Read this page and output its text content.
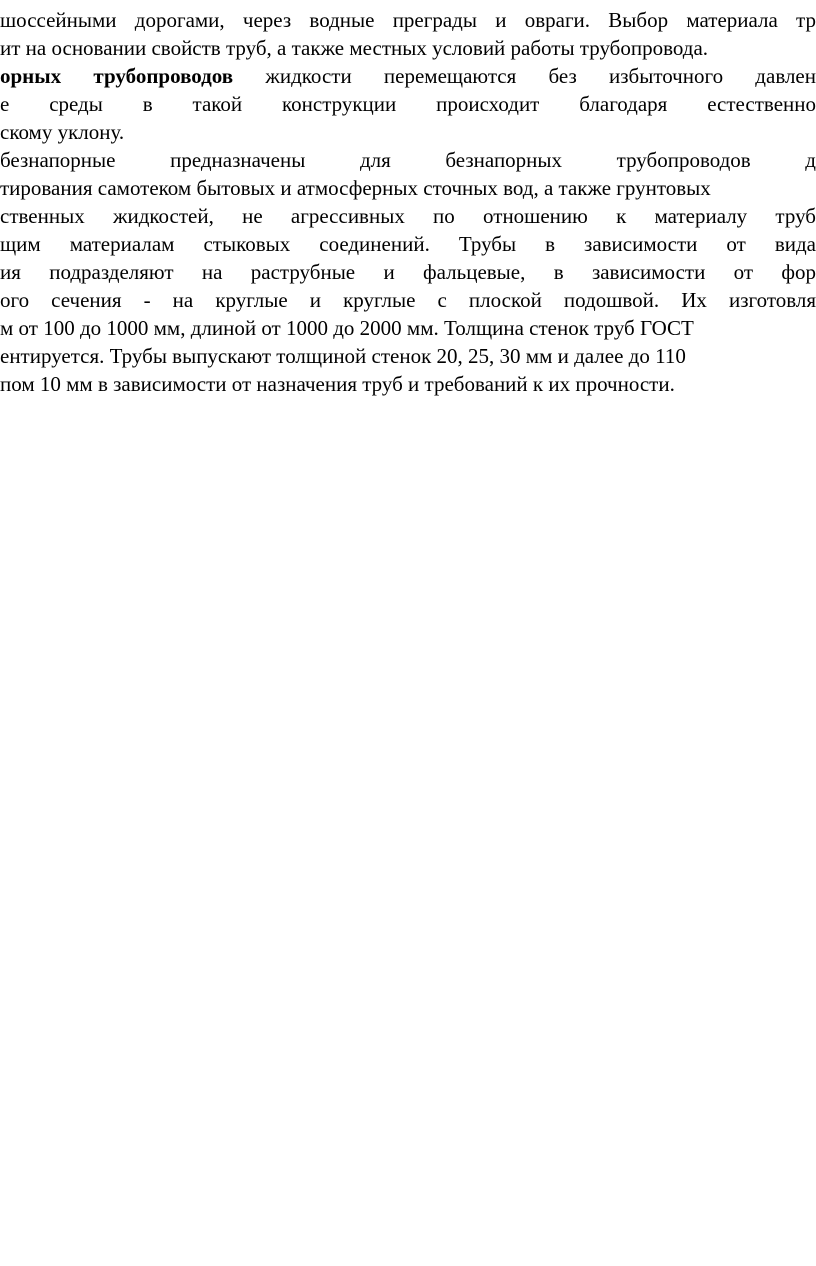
шоссейными дорогами, через водные преграды и овраги. Выбор материала тр
ит на основании свойств труб, а также местных условий работы трубопровода.
орных трубопроводов жидкости перемещаются без избыточного давлен
е среды в такой конструкции происходит благодаря естественно
скому уклону.
безнапорные предназначены для безнапорных трубопроводов д
тирования самотеком бытовых и атмосферных сточных вод, а также грунтовых
ственных жидкостей, не агрессивных по отношению к материалу труб
щим материалам стыковых соединений. Трубы в зависимости от вида
ия подразделяют на раструбные и фальцевые, в зависимости от фор
ого сечения - на круглые и круглые с плоской подошвой. Их изготовля
м от 100 до 1000 мм, длиной от 1000 до 2000 мм. Толщина стенок труб ГОСТ
ентируется. Трубы выпускают толщиной стенок 20, 25, 30 мм и далее до 110
пом 10 мм в зависимости от назначения труб и требований к их прочности.
